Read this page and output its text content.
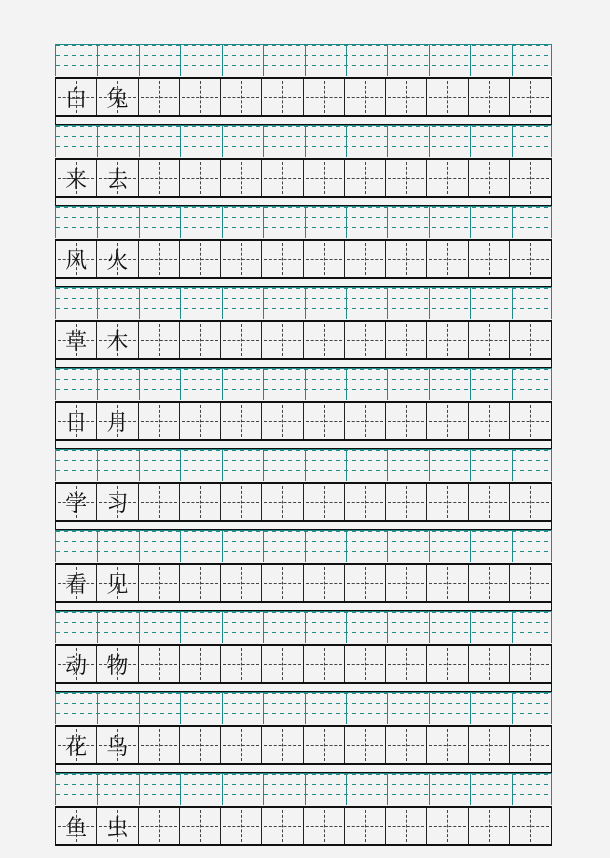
白 兔
来 去
风 火
草 木
日 月
学 习
看 见
动 物
花 鸟
鱼 虫
